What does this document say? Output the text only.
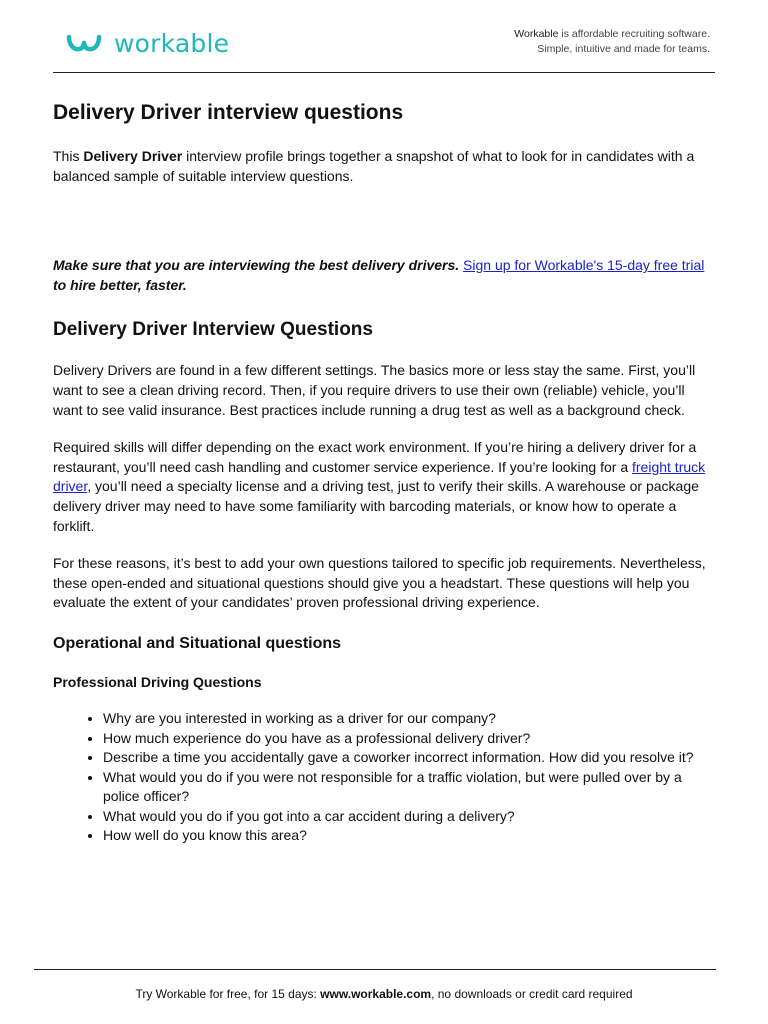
workable	Workable is affordable recruiting software.
Simple, intuitive and made for teams.
Delivery Driver interview questions

This Delivery Driver interview profile brings together a snapshot of what to look for in candidates with a balanced sample of suitable interview questions.

Make sure that you are interviewing the best delivery drivers. Sign up for Workable's 15-day free trial to hire better, faster.

Delivery Driver Interview Questions

Delivery Drivers are found in a few different settings. The basics more or less stay the same. First, you’ll want to see a clean driving record. Then, if you require drivers to use their own (reliable) vehicle, you’ll want to see valid insurance. Best practices include running a drug test as well as a background check.

Required skills will differ depending on the exact work environment. If you’re hiring a delivery driver for a restaurant, you’ll need cash handling and customer service experience. If you’re looking for a freight truck driver, you’ll need a specialty license and a driving test, just to verify their skills. A warehouse or package delivery driver may need to have some familiarity with barcoding materials, or know how to operate a forklift.

For these reasons, it’s best to add your own questions tailored to specific job requirements. Nevertheless, these open-ended and situational questions should give you a headstart. These questions will help you evaluate the extent of your candidates’ proven professional driving experience.

Operational and Situational questions
Professional Driving Questions
• Why are you interested in working as a driver for our company?
• How much experience do you have as a professional delivery driver?
• Describe a time you accidentally gave a coworker incorrect information. How did you resolve it?
• What would you do if you were not responsible for a traffic violation, but were pulled over by a police officer?
• What would you do if you got into a car accident during a delivery?
• How well do you know this area?
Try Workable for free, for 15 days: www.workable.com, no downloads or credit card required
